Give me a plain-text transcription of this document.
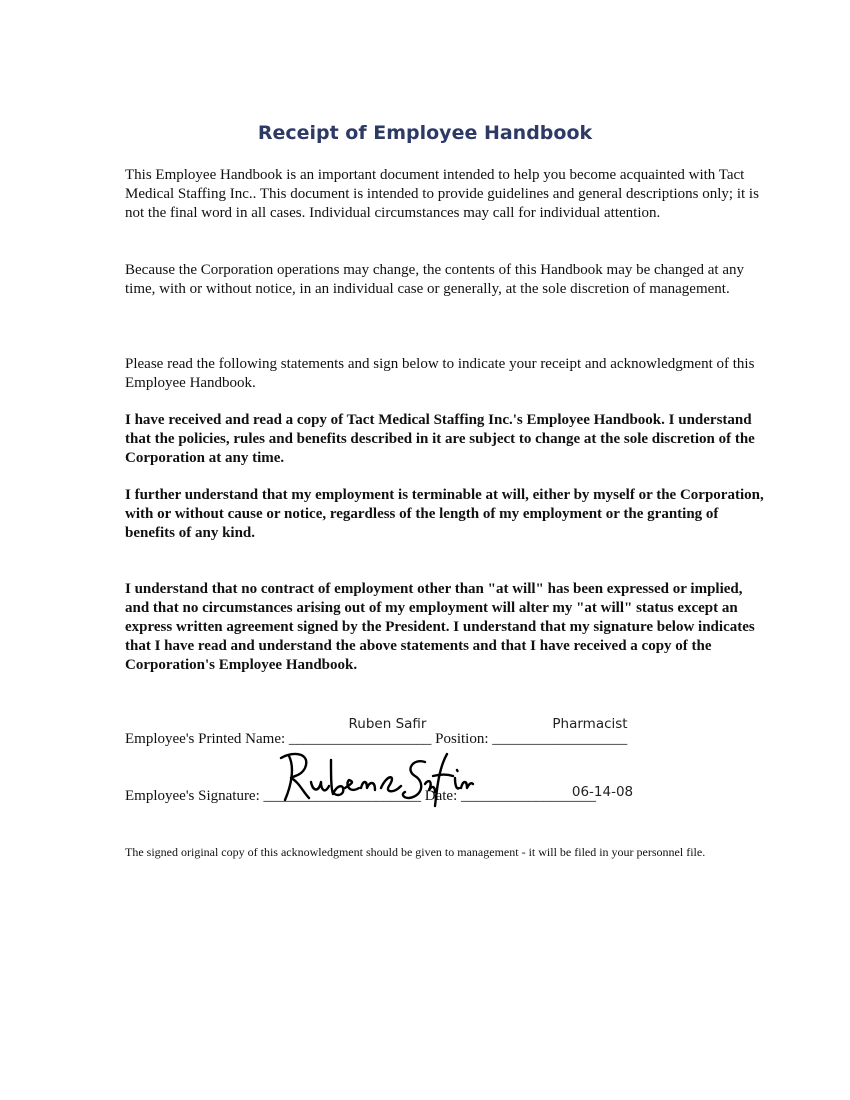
Receipt of Employee Handbook

This Employee Handbook is an important document intended to help you become acquainted with Tact Medical Staffing Inc.. This document is intended to provide guidelines and general descriptions only; it is not the final word in all cases. Individual circumstances may call for individual attention.

Because the Corporation operations may change, the contents of this Handbook may be changed at any time, with or without notice, in an individual case or generally, at the sole discretion of management.

Please read the following statements and sign below to indicate your receipt and acknowledgment of this Employee Handbook.

I have received and read a copy of Tact Medical Staffing Inc.'s Employee Handbook. I understand that the policies, rules and benefits described in it are subject to change at the sole discretion of the Corporation at any time.

I further understand that my employment is terminable at will, either by myself or the Corporation, with or without cause or notice, regardless of the length of my employment or the granting of benefits of any kind.

I understand that no contract of employment other than "at will" has been expressed or implied, and that no circumstances arising out of my employment will alter my "at will" status except an express written agreement signed by the President. I understand that my signature below indicates that I have read and understand the above statements and that I have received a copy of the Corporation's Employee Handbook.

Employee's Printed Name: ___________________ Position: __________________
Ruben Safir	Pharmacist
Employee's Signature: _____________________ Date: __________________
06-14-08

The signed original copy of this acknowledgment should be given to management - it will be filed in your personnel file.
